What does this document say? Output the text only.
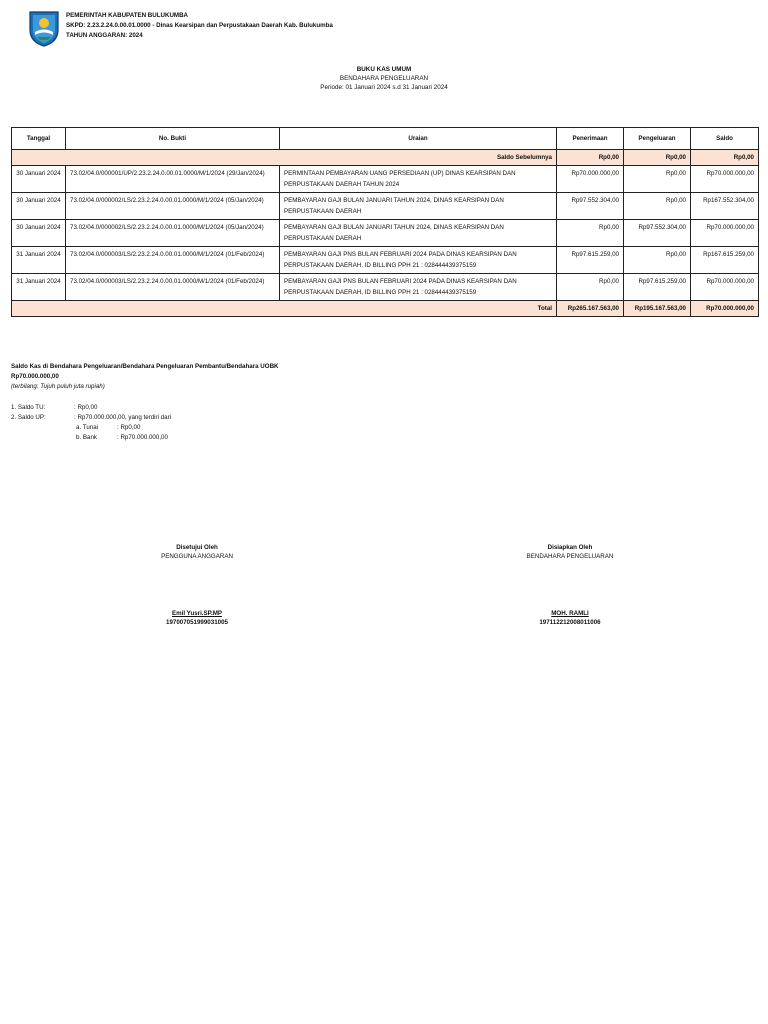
PEMERINTAH KABUPATEN BULUKUMBA
SKPD: 2.23.2.24.0.00.01.0000 - Dinas Kearsipan dan Perpustakaan Daerah Kab. Bulukumba
TAHUN ANGGARAN: 2024
BUKU KAS UMUM
BENDAHARA PENGELUARAN
Periode: 01 Januari 2024 s.d 31 Januari 2024
Tanggal	No. Bukti	Uraian	Penerimaan	Pengeluaran	Saldo
Saldo Sebelumnya			Rp0,00	Rp0,00	Rp0,00
30 Januari 2024	73.02/04.0/000001/UP/2.23.2.24.0.00.01.0000/M/1/2024 (29/Jan/2024)	PERMINTAAN PEMBAYARAN UANG PERSEDIAAN (UP) DINAS KEARSIPAN DAN PERPUSTAKAAN DAERAH TAHUN 2024	Rp70.000.000,00	Rp0,00	Rp70.000.000,00
30 Januari 2024	73.02/04.0/000002/LS/2.23.2.24.0.00.01.0000/M/1/2024 (05/Jan/2024)	PEMBAYARAN GAJI BULAN JANUARI TAHUN 2024, DINAS KEARSIPAN DAN PERPUSTAKAAN DAERAH	Rp97.552.304,00	Rp0,00	Rp167.552.304,00
30 Januari 2024	73.02/04.0/000002/LS/2.23.2.24.0.00.01.0000/M/1/2024 (05/Jan/2024)	PEMBAYARAN GAJI BULAN JANUARI TAHUN 2024, DINAS KEARSIPAN DAN PERPUSTAKAAN DAERAH	Rp0,00	Rp97.552.304,00	Rp70.000.000,00
31 Januari 2024	73.02/04.0/000003/LS/2.23.2.24.0.00.01.0000/M/1/2024 (01/Feb/2024)	PEMBAYARAN GAJI PNS BULAN FEBRUARI 2024 PADA DINAS KEARSIPAN DAN PERPUSTAKAAN DAERAH, ID BILLING PPH 21 : 028444439375159	Rp97.615.259,00	Rp0,00	Rp167.615.259,00
31 Januari 2024	73.02/04.0/000003/LS/2.23.2.24.0.00.01.0000/M/1/2024 (01/Feb/2024)	PEMBAYARAN GAJI PNS BULAN FEBRUARI 2024 PADA DINAS KEARSIPAN DAN PERPUSTAKAAN DAERAH, ID BILLING PPH 21 : 028444439375159	Rp0,00	Rp97.615.259,00	Rp70.000.000,00
Total			Rp265.167.563,00	Rp195.167.563,00	Rp70.000.000,00
Saldo Kas di Bendahara Pengeluaran/Bendahara Pengeluaran Pembantu/Bendahara UOBK
Rp70.000.000,00
(terbilang: Tujuh puluh juta rupiah)
1. Saldo TU:	: Rp0,00
2. Saldo UP:	: Rp70.000.000,00, yang terdiri dari
a. Tunai	: Rp0,00
b. Bank	: Rp70.000.000,00
Disetujui Oleh
PENGGUNA ANGGARAN
Emil Yusri.SP.MP
197007051999031005
Disiapkan Oleh
BENDAHARA PENGELUARAN
MOH. RAMLI
197112212008011006
